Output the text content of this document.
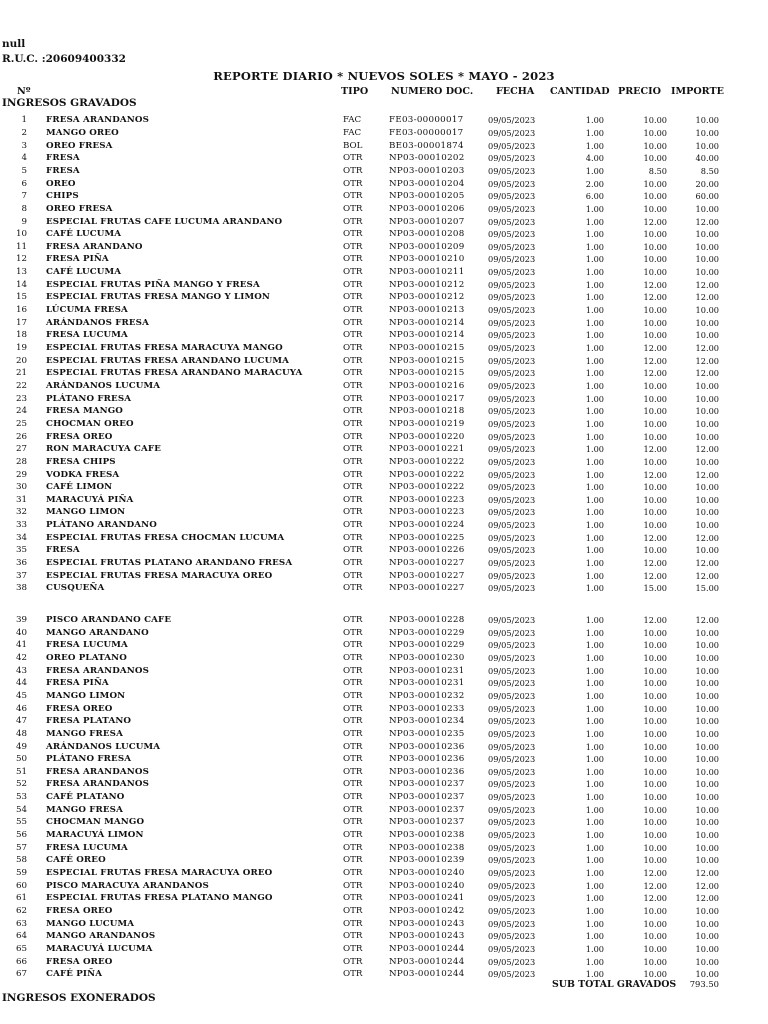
null
R.U.C. :20609400332
REPORTE DIARIO * NUEVOS SOLES * MAYO - 2023
INGRESOS GRAVADOS
Nº	TIPO NUMERO DOC. FECHA CANTIDAD PRECIO IMPORTE
1 FRESA ARANDANOS	FAC	FE03-00000017	09/05/2023	1.00	10.00	10.00
2 MANGO OREO	FAC	FE03-00000017	09/05/2023	1.00	10.00	10.00
3 OREO FRESA	BOL	BE03-00001874	09/05/2023	1.00	10.00	10.00
4 FRESA	OTR	NP03-00010202	09/05/2023	4.00	10.00	40.00
5 FRESA	OTR	NP03-00010203	09/05/2023	1.00	8.50	8.50
6 OREO	OTR	NP03-00010204	09/05/2023	2.00	10.00	20.00
7 CHIPS	OTR	NP03-00010205	09/05/2023	6.00	10.00	60.00
8 OREO FRESA	OTR	NP03-00010206	09/05/2023	1.00	10.00	10.00
9 ESPECIAL FRUTAS CAFE LUCUMA ARANDANO	OTR	NP03-00010207	09/05/2023	1.00	12.00	12.00
10 CAFÉ LUCUMA	OTR	NP03-00010208	09/05/2023	1.00	10.00	10.00
11 FRESA ARANDANO	OTR	NP03-00010209	09/05/2023	1.00	10.00	10.00
12 FRESA PIÑA	OTR	NP03-00010210	09/05/2023	1.00	10.00	10.00
13 CAFÉ LUCUMA	OTR	NP03-00010211	09/05/2023	1.00	10.00	10.00
14 ESPECIAL FRUTAS PIÑA MANGO Y FRESA	OTR	NP03-00010212	09/05/2023	1.00	12.00	12.00
15 ESPECIAL FRUTAS FRESA MANGO Y LIMON	OTR	NP03-00010212	09/05/2023	1.00	12.00	12.00
16 LÚCUMA FRESA	OTR	NP03-00010213	09/05/2023	1.00	10.00	10.00
17 ARÁNDANOS FRESA	OTR	NP03-00010214	09/05/2023	1.00	10.00	10.00
18 FRESA LUCUMA	OTR	NP03-00010214	09/05/2023	1.00	10.00	10.00
19 ESPECIAL FRUTAS FRESA MARACUYA MANGO	OTR	NP03-00010215	09/05/2023	1.00	12.00	12.00
20 ESPECIAL FRUTAS FRESA ARANDANO LUCUMA	OTR	NP03-00010215	09/05/2023	1.00	12.00	12.00
21 ESPECIAL FRUTAS FRESA ARANDANO MARACUYA	OTR	NP03-00010215	09/05/2023	1.00	12.00	12.00
22 ARÁNDANOS LUCUMA	OTR	NP03-00010216	09/05/2023	1.00	10.00	10.00
23 PLÁTANO FRESA	OTR	NP03-00010217	09/05/2023	1.00	10.00	10.00
24 FRESA MANGO	OTR	NP03-00010218	09/05/2023	1.00	10.00	10.00
25 CHOCMAN OREO	OTR	NP03-00010219	09/05/2023	1.00	10.00	10.00
26 FRESA OREO	OTR	NP03-00010220	09/05/2023	1.00	10.00	10.00
27 RON MARACUYA CAFE	OTR	NP03-00010221	09/05/2023	1.00	12.00	12.00
28 FRESA CHIPS	OTR	NP03-00010222	09/05/2023	1.00	10.00	10.00
29 VODKA FRESA	OTR	NP03-00010222	09/05/2023	1.00	12.00	12.00
30 CAFÉ LIMON	OTR	NP03-00010222	09/05/2023	1.00	10.00	10.00
31 MARACUYÁ PIÑA	OTR	NP03-00010223	09/05/2023	1.00	10.00	10.00
32 MANGO LIMON	OTR	NP03-00010223	09/05/2023	1.00	10.00	10.00
33 PLÁTANO ARANDANO	OTR	NP03-00010224	09/05/2023	1.00	10.00	10.00
34 ESPECIAL FRUTAS FRESA CHOCMAN LUCUMA	OTR	NP03-00010225	09/05/2023	1.00	12.00	12.00
35 FRESA	OTR	NP03-00010226	09/05/2023	1.00	10.00	10.00
36 ESPECIAL FRUTAS PLATANO ARANDANO FRESA	OTR	NP03-00010227	09/05/2023	1.00	12.00	12.00
37 ESPECIAL FRUTAS FRESA MARACUYA OREO	OTR	NP03-00010227	09/05/2023	1.00	12.00	12.00
38 CUSQUEÑA	OTR	NP03-00010227	09/05/2023	1.00	15.00	15.00
39 PISCO ARANDANO CAFE	OTR	NP03-00010228	09/05/2023	1.00	12.00	12.00
40 MANGO ARANDANO	OTR	NP03-00010229	09/05/2023	1.00	10.00	10.00
41 FRESA LUCUMA	OTR	NP03-00010229	09/05/2023	1.00	10.00	10.00
42 OREO PLATANO	OTR	NP03-00010230	09/05/2023	1.00	10.00	10.00
43 FRESA ARANDANOS	OTR	NP03-00010231	09/05/2023	1.00	10.00	10.00
44 FRESA PIÑA	OTR	NP03-00010231	09/05/2023	1.00	10.00	10.00
45 MANGO LIMON	OTR	NP03-00010232	09/05/2023	1.00	10.00	10.00
46 FRESA OREO	OTR	NP03-00010233	09/05/2023	1.00	10.00	10.00
47 FRESA PLATANO	OTR	NP03-00010234	09/05/2023	1.00	10.00	10.00
48 MANGO FRESA	OTR	NP03-00010235	09/05/2023	1.00	10.00	10.00
49 ARÁNDANOS LUCUMA	OTR	NP03-00010236	09/05/2023	1.00	10.00	10.00
50 PLÁTANO FRESA	OTR	NP03-00010236	09/05/2023	1.00	10.00	10.00
51 FRESA ARANDANOS	OTR	NP03-00010236	09/05/2023	1.00	10.00	10.00
52 FRESA ARANDANOS	OTR	NP03-00010237	09/05/2023	1.00	10.00	10.00
53 CAFÉ PLATANO	OTR	NP03-00010237	09/05/2023	1.00	10.00	10.00
54 MANGO FRESA	OTR	NP03-00010237	09/05/2023	1.00	10.00	10.00
55 CHOCMAN MANGO	OTR	NP03-00010237	09/05/2023	1.00	10.00	10.00
56 MARACUYÁ LIMON	OTR	NP03-00010238	09/05/2023	1.00	10.00	10.00
57 FRESA LUCUMA	OTR	NP03-00010238	09/05/2023	1.00	10.00	10.00
58 CAFÉ OREO	OTR	NP03-00010239	09/05/2023	1.00	10.00	10.00
59 ESPECIAL FRUTAS FRESA MARACUYA OREO	OTR	NP03-00010240	09/05/2023	1.00	12.00	12.00
60 PISCO MARACUYA ARANDANOS	OTR	NP03-00010240	09/05/2023	1.00	12.00	12.00
61 ESPECIAL FRUTAS FRESA PLATANO MANGO	OTR	NP03-00010241	09/05/2023	1.00	12.00	12.00
62 FRESA OREO	OTR	NP03-00010242	09/05/2023	1.00	10.00	10.00
63 MANGO LUCUMA	OTR	NP03-00010243	09/05/2023	1.00	10.00	10.00
64 MANGO ARANDANOS	OTR	NP03-00010243	09/05/2023	1.00	10.00	10.00
65 MARACUYÁ LUCUMA	OTR	NP03-00010244	09/05/2023	1.00	10.00	10.00
66 FRESA OREO	OTR	NP03-00010244	09/05/2023	1.00	10.00	10.00
67 CAFÉ PIÑA	OTR	NP03-00010244	09/05/2023	1.00	10.00	10.00
SUB TOTAL GRAVADOS	793.50
INGRESOS EXONERADOS
